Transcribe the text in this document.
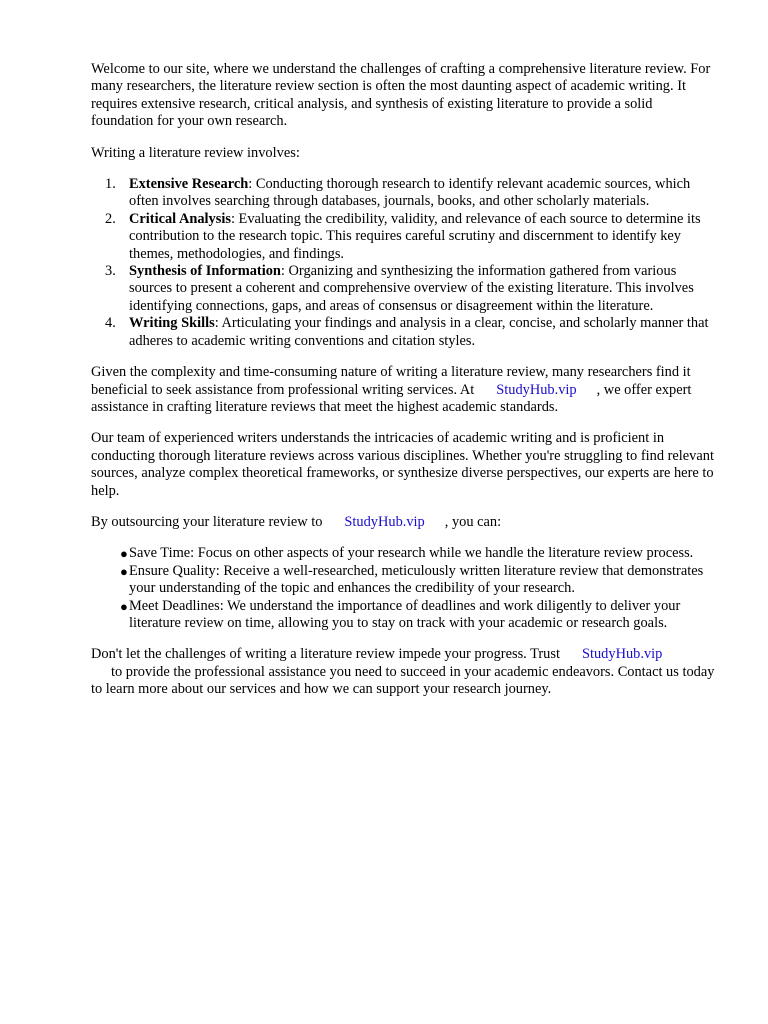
Welcome to our site, where we understand the challenges of crafting a comprehensive literature review. For many researchers, the literature review section is often the most daunting aspect of academic writing. It requires extensive research, critical analysis, and synthesis of existing literature to provide a solid foundation for your own research.

Writing a literature review involves:

1. Extensive Research: Conducting thorough research to identify relevant academic sources, which often involves searching through databases, journals, books, and other scholarly materials.
2. Critical Analysis: Evaluating the credibility, validity, and relevance of each source to determine its contribution to the research topic. This requires careful scrutiny and discernment to identify key themes, methodologies, and findings.
3. Synthesis of Information: Organizing and synthesizing the information gathered from various sources to present a coherent and comprehensive overview of the existing literature. This involves identifying connections, gaps, and areas of consensus or disagreement within the literature.
4. Writing Skills: Articulating your findings and analysis in a clear, concise, and scholarly manner that adheres to academic writing conventions and citation styles.

Given the complexity and time-consuming nature of writing a literature review, many researchers find it beneficial to seek assistance from professional writing services. At StudyHub.vip , we offer expert assistance in crafting literature reviews that meet the highest academic standards.

Our team of experienced writers understands the intricacies of academic writing and is proficient in conducting thorough literature reviews across various disciplines. Whether you're struggling to find relevant sources, analyze complex theoretical frameworks, or synthesize diverse perspectives, our experts are here to help.

By outsourcing your literature review to StudyHub.vip , you can:

● Save Time: Focus on other aspects of your research while we handle the literature review process.
● Ensure Quality: Receive a well-researched, meticulously written literature review that demonstrates your understanding of the topic and enhances the credibility of your research.
● Meet Deadlines: We understand the importance of deadlines and work diligently to deliver your literature review on time, allowing you to stay on track with your academic or research goals.

Don't let the challenges of writing a literature review impede your progress. Trust StudyHub.vip
to provide the professional assistance you need to succeed in your academic endeavors. Contact us today to learn more about our services and how we can support your research journey.
